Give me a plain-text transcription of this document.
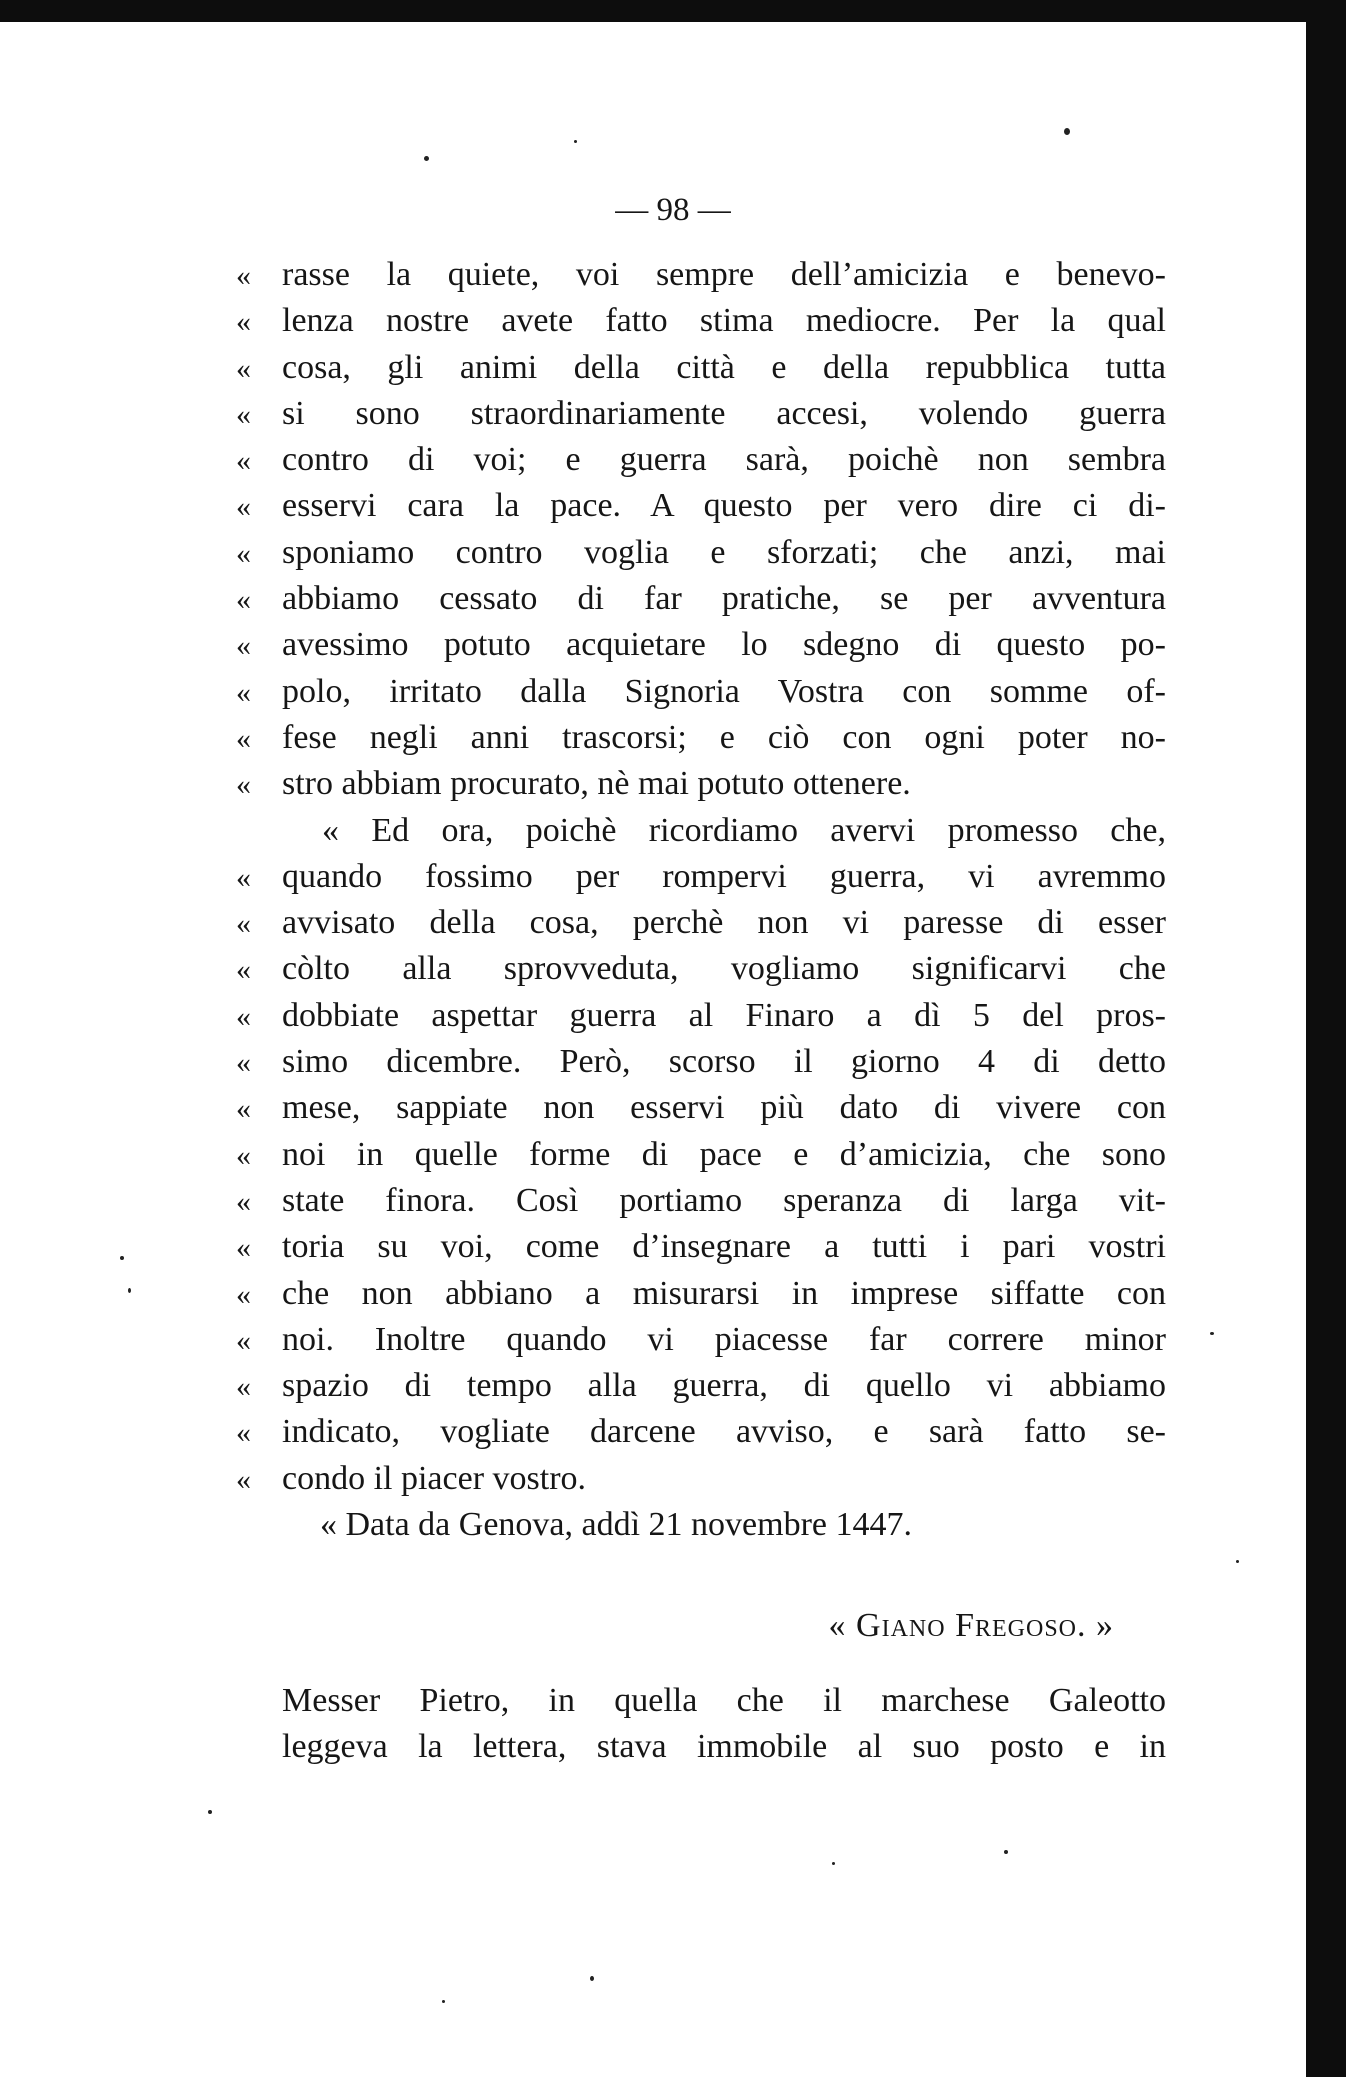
— 98 —
« rasse la quiete, voi sempre dell’amicizia e benevo-
« lenza nostre avete fatto stima mediocre. Per la qual
« cosa, gli animi della città e della repubblica tutta
« si sono straordinariamente accesi, volendo guerra
« contro di voi; e guerra sarà, poichè non sembra
« esservi cara la pace. A questo per vero dire ci di-
« sponiamo contro voglia e sforzati; che anzi, mai
« abbiamo cessato di far pratiche, se per avventura
« avessimo potuto acquietare lo sdegno di questo po-
« polo, irritato dalla Signoria Vostra con somme of-
« fese negli anni trascorsi; e ciò con ogni poter no-
« stro abbiam procurato, nè mai potuto ottenere.
« Ed ora, poichè ricordiamo avervi promesso che,
« quando fossimo per rompervi guerra, vi avremmo
« avvisato della cosa, perchè non vi paresse di esser
« còlto alla sprovveduta, vogliamo significarvi che
« dobbiate aspettar guerra al Finaro a dì 5 del pros-
« simo dicembre. Però, scorso il giorno 4 di detto
« mese, sappiate non esservi più dato di vivere con
« noi in quelle forme di pace e d’amicizia, che sono
« state finora. Così portiamo speranza di larga vit-
« toria su voi, come d’insegnare a tutti i pari vostri
« che non abbiano a misurarsi in imprese siffatte con
« noi. Inoltre quando vi piacesse far correre minor
« spazio di tempo alla guerra, di quello vi abbiamo
« indicato, vogliate darcene avviso, e sarà fatto se-
« condo il piacer vostro.
« Data da Genova, addì 21 novembre 1447.
« Giano Fregoso. »
Messer Pietro, in quella che il marchese Galeotto
leggeva la lettera, stava immobile al suo posto e in
